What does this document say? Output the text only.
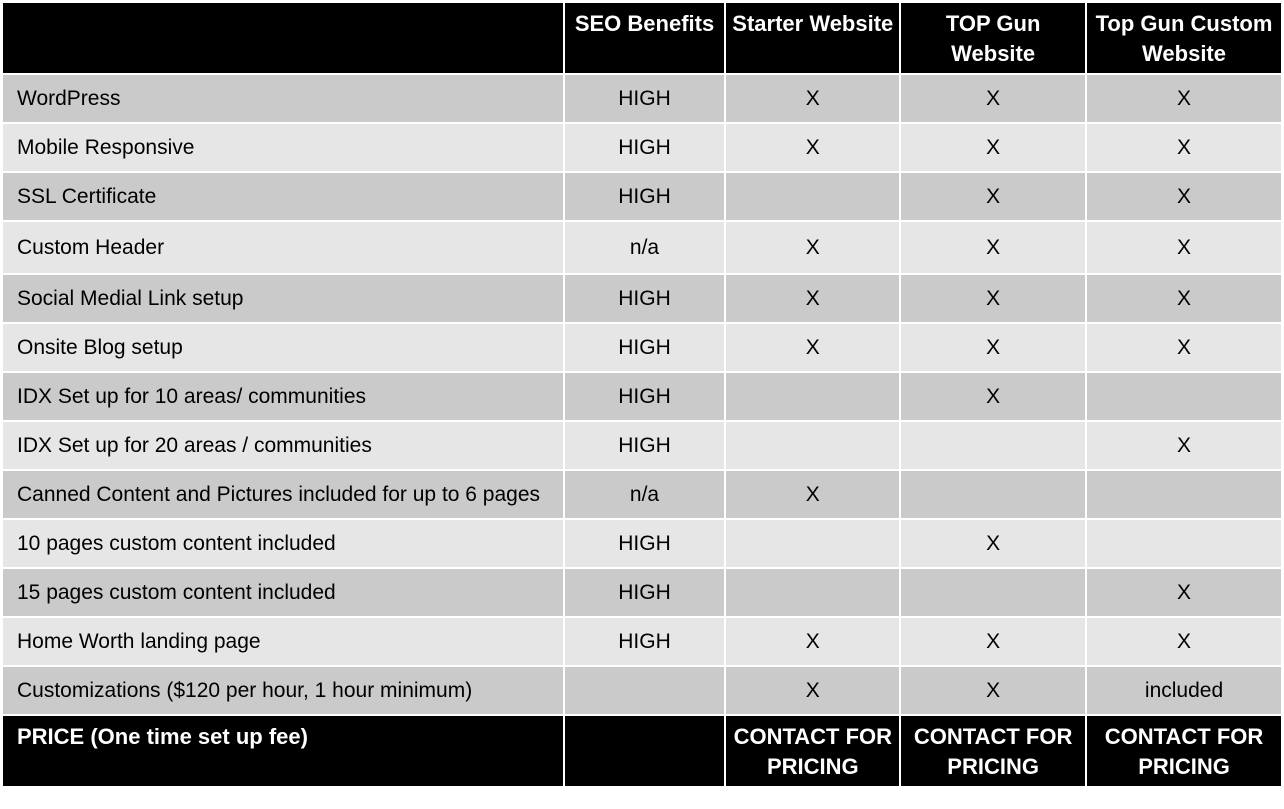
	SEO Benefits	Starter Website	TOP Gun Website	Top Gun Custom Website
WordPress	HIGH	X	X	X
Mobile Responsive	HIGH	X	X	X
SSL Certificate	HIGH		X	X
Custom Header	n/a	X	X	X
Social Medial Link setup	HIGH	X	X	X
Onsite Blog setup	HIGH	X	X	X
IDX Set up for 10 areas/ communities	HIGH		X	
IDX Set up for 20 areas / communities	HIGH			X
Canned Content and Pictures included for up to 6 pages	n/a	X		
10 pages custom content included	HIGH		X	
15 pages custom content included	HIGH			X
Home Worth landing page	HIGH	X	X	X
Customizations ($120 per hour, 1 hour minimum)		X	X	included
PRICE (One time set up fee)		CONTACT FOR PRICING	CONTACT FOR PRICING	CONTACT FOR PRICING
